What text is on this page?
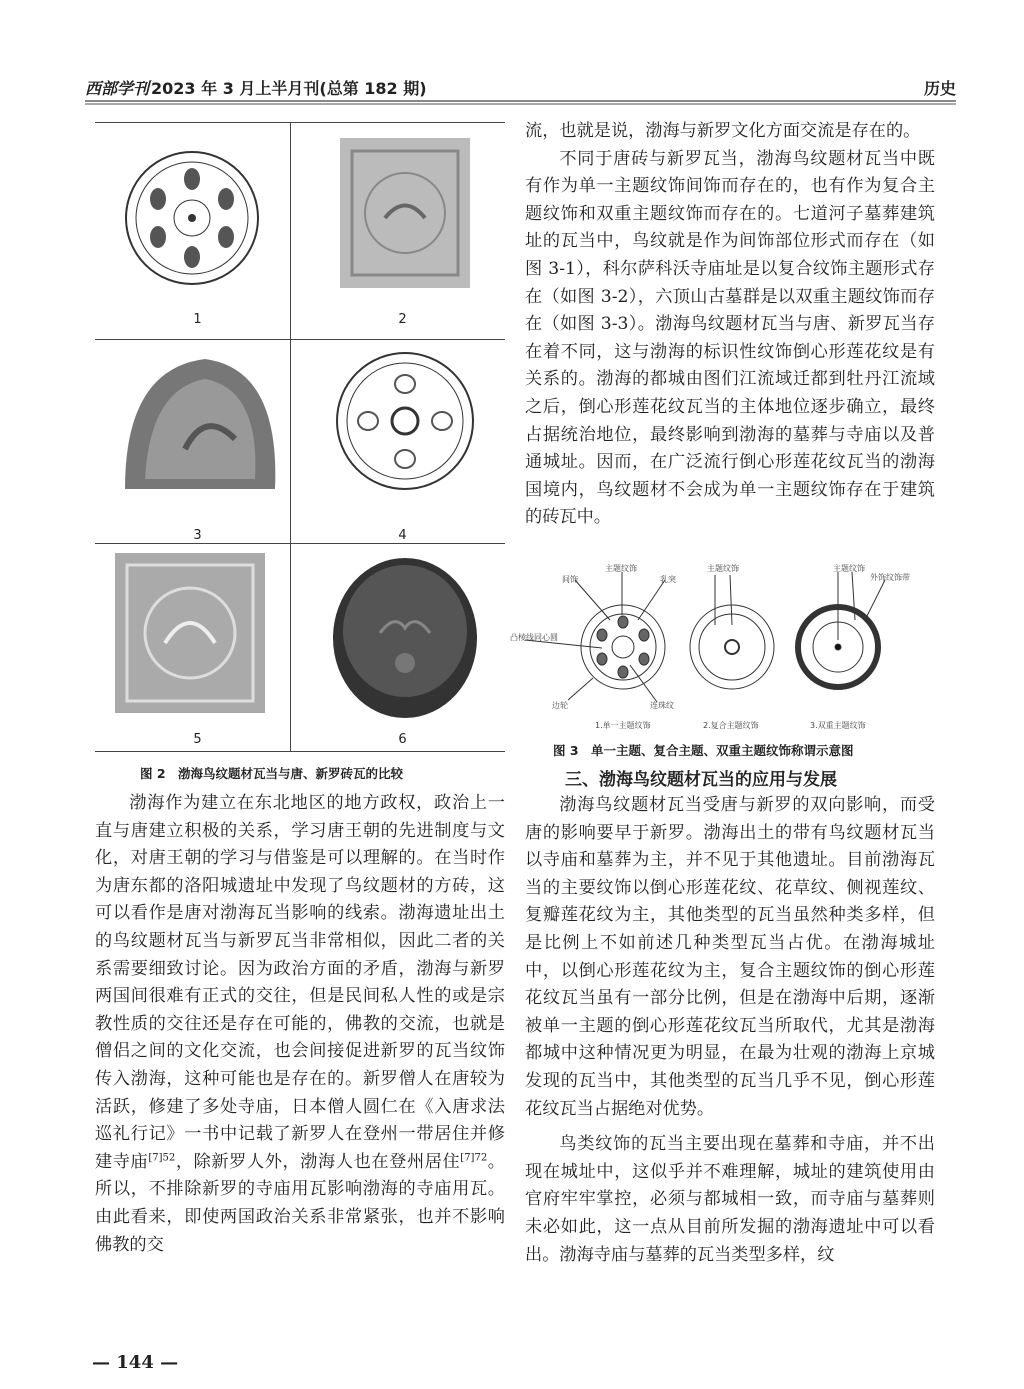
西部学刊 2023 年 3 月上半月刊(总第 182 期)	历史
1	2
3	4
5	6
图 2　渤海鸟纹题材瓦当与唐、新罗砖瓦的比较

渤海作为建立在东北地区的地方政权，政治上一直与唐建立积极的关系，学习唐王朝的先进制度与文化，对唐王朝的学习与借鉴是可以理解的。在当时作为唐东都的洛阳城遗址中发现了鸟纹题材的方砖，这可以看作是唐对渤海瓦当影响的线索。渤海遗址出土的鸟纹题材瓦当与新罗瓦当非常相似，因此二者的关系需要细致讨论。因为政治方面的矛盾，渤海与新罗两国间很难有正式的交往，但是民间私人性的或是宗教性质的交往还是存在可能的，佛教的交流，也就是僧侣之间的文化交流，也会间接促进新罗的瓦当纹饰传入渤海，这种可能也是存在的。新罗僧人在唐较为活跃，修建了多处寺庙，日本僧人圆仁在《入唐求法巡礼行记》一书中记载了新罗人在登州一带居住并修建寺庙$^{[7]52}$，除新罗人外，渤海人也在登州居住$^{[7]72}$。所以，不排除新罗的寺庙用瓦影响渤海的寺庙用瓦。由此看来，即使两国政治关系非常紧张，也并不影响佛教的交

— 144 —

流，也就是说，渤海与新罗文化方面交流是存在的。

不同于唐砖与新罗瓦当，渤海鸟纹题材瓦当中既有作为单一主题纹饰间饰而存在的，也有作为复合主题纹饰和双重主题纹饰而存在的。七道河子墓葬建筑址的瓦当中，鸟纹就是作为间饰部位形式而存在（如图 3-1），科尔萨科沃寺庙址是以复合纹饰主题形式存在（如图 3-2），六顶山古墓群是以双重主题纹饰而存在（如图 3-3）。渤海鸟纹题材瓦当与唐、新罗瓦当存在着不同，这与渤海的标识性纹饰倒心形莲花纹是有关系的。渤海的都城由图们江流域迁都到牡丹江流域之后，倒心形莲花纹瓦当的主体地位逐步确立，最终占据统治地位，最终影响到渤海的墓葬与寺庙以及普通城址。因而，在广泛流行倒心形莲花纹瓦当的渤海国境内，鸟纹题材不会成为单一主题纹饰存在于建筑的砖瓦中。

间饰
主题纹饰
乳突
凸棱线同心圆
边轮	连珠纹
主题纹饰	主题纹饰
外饰纹饰带
1.单一主题纹饰	2.复合主题纹饰	3.双重主题纹饰
图 3　单一主题、复合主题、双重主题纹饰称谓示意图
三、渤海鸟纹题材瓦当的应用与发展

渤海鸟纹题材瓦当受唐与新罗的双向影响，而受唐的影响要早于新罗。渤海出土的带有鸟纹题材瓦当以寺庙和墓葬为主，并不见于其他遗址。目前渤海瓦当的主要纹饰以倒心形莲花纹、花草纹、侧视莲纹、复瓣莲花纹为主，其他类型的瓦当虽然种类多样，但是比例上不如前述几种类型瓦当占优。在渤海城址中，以倒心形莲花纹为主，复合主题纹饰的倒心形莲花纹瓦当虽有一部分比例，但是在渤海中后期，逐渐被单一主题的倒心形莲花纹瓦当所取代，尤其是渤海都城中这种情况更为明显，在最为壮观的渤海上京城发现的瓦当中，其他类型的瓦当几乎不见，倒心形莲花纹瓦当占据绝对优势。

鸟类纹饰的瓦当主要出现在墓葬和寺庙，并不出现在城址中，这似乎并不难理解，城址的建筑使用由官府牢牢掌控，必须与都城相一致，而寺庙与墓葬则未必如此，这一点从目前所发掘的渤海遗址中可以看出。渤海寺庙与墓葬的瓦当类型多样，纹
